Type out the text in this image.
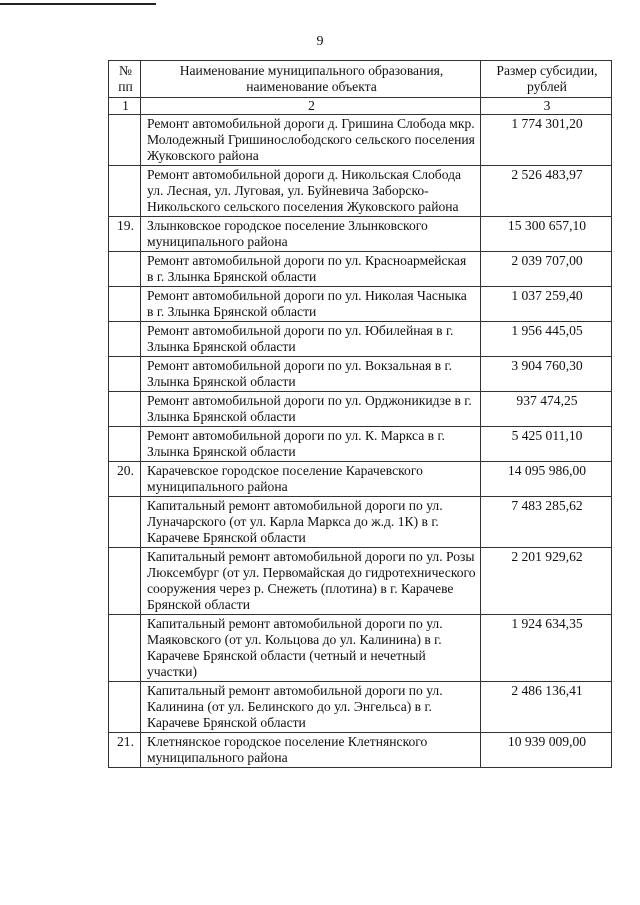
9
№ пп	Наименование муниципального образования, наименование объекта	Размер субсидии, рублей
1	2	3
	Ремонт автомобильной дороги д. Гришина Слобода мкр. Молодежный Гришинослободского сельского поселения Жуковского района	1 774 301,20
	Ремонт автомобильной дороги д. Никольская Слобода ул. Лесная, ул. Луговая, ул. Буйневича Заборско-Никольского сельского поселения Жуковского района	2 526 483,97
19.	Злынковское городское поселение Злынковского муниципального района	15 300 657,10
	Ремонт автомобильной дороги по ул. Красноармейская в г. Злынка Брянской области	2 039 707,00
	Ремонт автомобильной дороги по ул. Николая Часныка в г. Злынка Брянской области	1 037 259,40
	Ремонт автомобильной дороги по ул. Юбилейная в г. Злынка Брянской области	1 956 445,05
	Ремонт автомобильной дороги по ул. Вокзальная в г. Злынка Брянской области	3 904 760,30
	Ремонт автомобильной дороги по ул. Орджоникидзе в г. Злынка Брянской области	937 474,25
	Ремонт автомобильной дороги по ул. К. Маркса в г. Злынка Брянской области	5 425 011,10
20.	Карачевское городское поселение Карачевского муниципального района	14 095 986,00
	Капитальный ремонт автомобильной дороги по ул. Луначарского (от ул. Карла Маркса до ж.д. 1К) в г. Карачеве Брянской области	7 483 285,62
	Капитальный ремонт автомобильной дороги по ул. Розы Люксембург (от ул. Первомайская до гидротехнического сооружения через р. Снежеть (плотина) в г. Карачеве Брянской области	2 201 929,62
	Капитальный ремонт автомобильной дороги по ул. Маяковского (от ул. Кольцова до ул. Калинина) в г. Карачеве Брянской области (четный и нечетный участки)	1 924 634,35
	Капитальный ремонт автомобильной дороги по ул. Калинина (от ул. Белинского до ул. Энгельса) в г. Карачеве Брянской области	2 486 136,41
21.	Клетнянское городское поселение Клетнянского муниципального района	10 939 009,00
